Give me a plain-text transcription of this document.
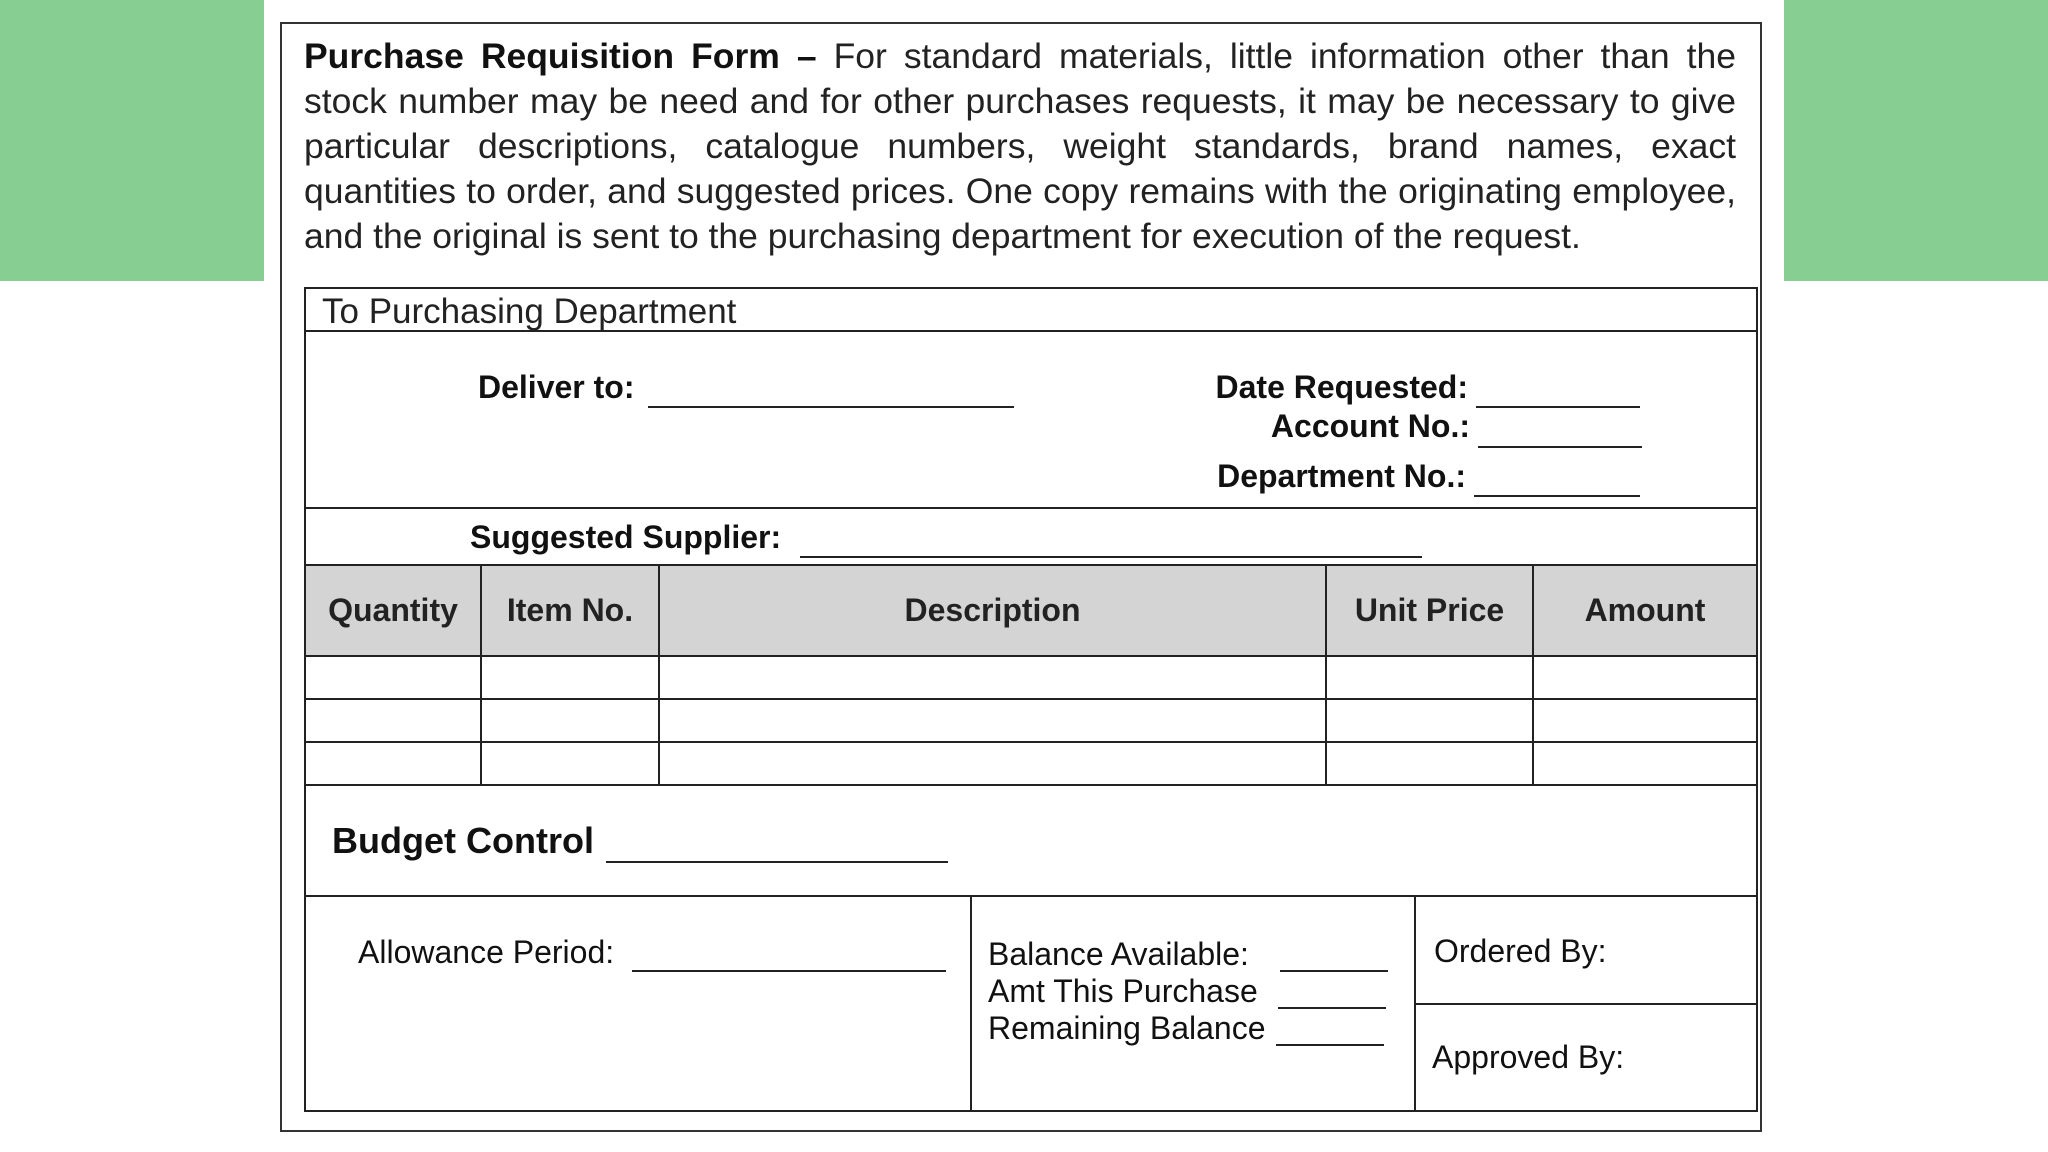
Purchase Requisition Form – For standard materials, little information other than the stock number may be need and for other purchases requests, it may be necessary to give particular descriptions, catalogue numbers, weight standards, brand names, exact quantities to order, and suggested prices. One copy remains with the originating employee, and the original is sent to the purchasing department for execution of the request.
To Purchasing Department
Deliver to:	Date Requested:
Account No.:
Department No.:
Suggested Supplier:
Quantity	Item No.	Description	Unit Price	Amount
Budget Control
Allowance Period:	Balance Available:
Amt This Purchase
Remaining Balance
Ordered By:
Approved By:
